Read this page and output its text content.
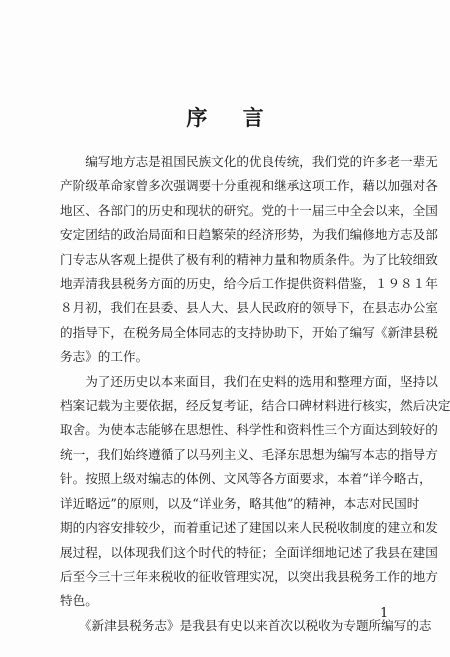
序 言

　　编写地方志是祖国民族文化的优良传统，我们党的许多老一辈无
产阶级革命家曾多次强调要十分重视和继承这项工作，藉以加强对各
地区、各部门的历史和现状的研究。党的十一届三中全会以来，全国
安定团结的政治局面和日趋繁荣的经济形势，为我们编修地方志及部
门专志从客观上提供了极有利的精神力量和物质条件。为了比较细致
地弄清我县税务方面的历史，给今后工作提供资料借鉴，１９８１年
８月初，我们在县委、县人大、县人民政府的领导下，在县志办公室
的指导下，在税务局全体同志的支持协助下，开始了编写《新津县税
务志》的工作。

　　为了还历史以本来面目，我们在史料的选用和整理方面，坚持以
档案记载为主要依据，经反复考证，结合口碑材料进行核实，然后决定
取舍。为使本志能够在思想性、科学性和资料性三个方面达到较好的
统一，我们始终遵循了以马列主义、毛泽东思想为编写本志的指导方
针。按照上级对编志的体例、文风等各方面要求，本着“详今略古，
详近略远”的原则，以及“详业务，略其他”的精神，本志对民国时
期的内容安排较少，而着重记述了建国以来人民税收制度的建立和发
展过程，以体现我们这个时代的特征；全面详细地记述了我县在建国
后至今三十三年来税收的征收管理实况，以突出我县税务工作的地方
特色。

　　《新津县税务志》是我县有史以来首次以税收为专题所编写的志

1
